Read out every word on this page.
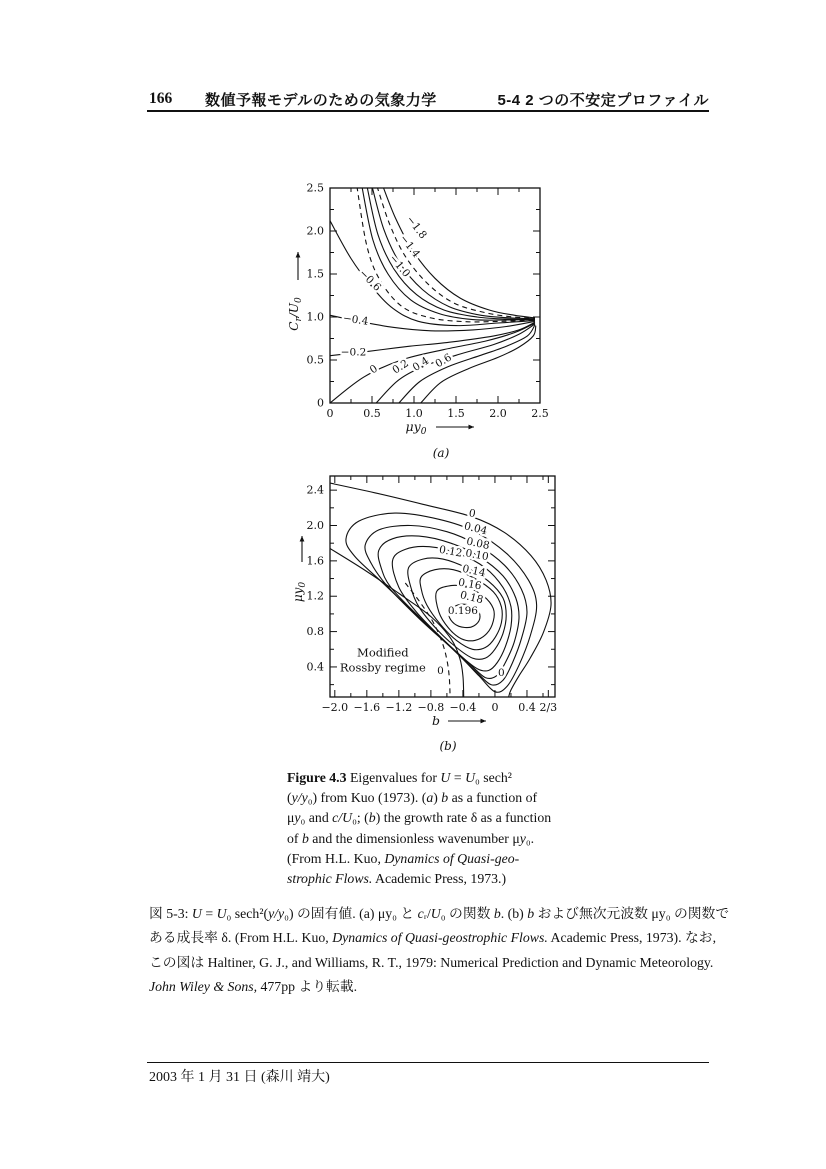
166 数値予報モデルのための気象力学	5-4 2 つの不安定プロファイル
0	0.5 1.0 1.5 2.0 2.5
0
0.5
1.0
1.5
2.0
2.5
−1.8
−1.4
−1.0
−0.6
−0.4
−0.2
0 0.2 0.4 0.6
$\mu y_0$
$C_r/U_0$
(a)
−2.0 −1.6 −1.2 −0.8 −0.4 0 0.4 2/3
0.4
0.8
1.2
1.6
2.0
2.4
0
0.04
0.08
0.12 0.10
0.14
0.16
0.18
0.196
0	0
Modified
Rossby regime
b
$\mu y_0$
(b)
Figure 4.3 Eigenvalues for U = U₀ sech²
(y/y₀) from Kuo (1973). (a) b as a function of
μy₀ and c/U₀; (b) the growth rate δ as a function
of b and the dimensionless wavenumber μy₀.
(From H.L. Kuo, Dynamics of Quasi-geo-
strophic Flows. Academic Press, 1973.)
図 5-3: U = U₀ sech²(y/y₀) の固有値. (a) μy₀ と cᵣ/U₀ の関数 b. (b) b および無次元波数 μy₀ の関数で
ある成長率 δ. (From H.L. Kuo, Dynamics of Quasi-geostrophic Flows. Academic Press, 1973). なお,
この図は Haltiner, G. J., and Williams, R. T., 1979: Numerical Prediction and Dynamic Meteorology.
John Wiley & Sons, 477pp より転載.
2003 年 1 月 31 日 (森川 靖大)
